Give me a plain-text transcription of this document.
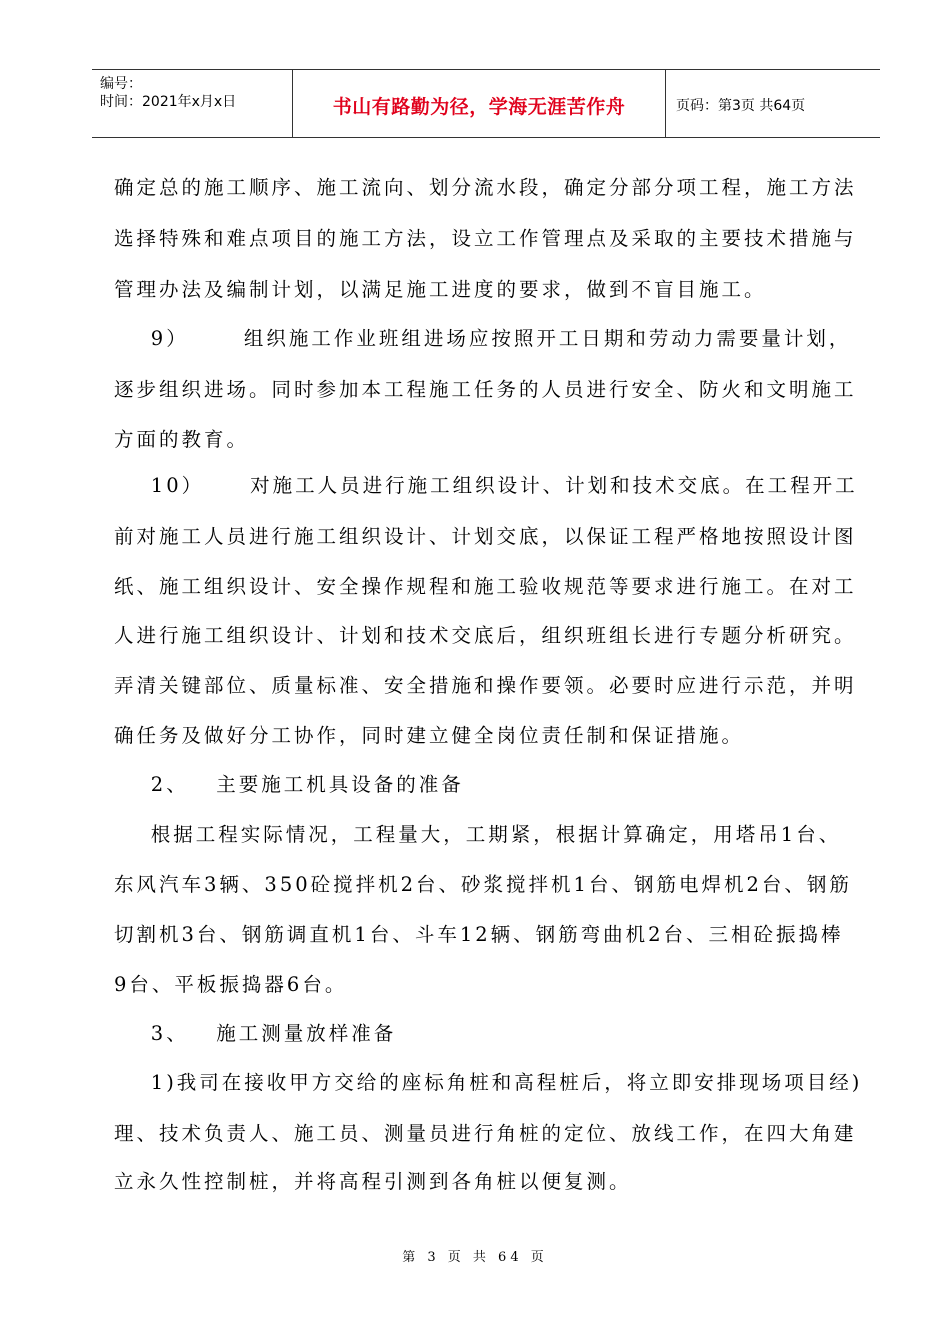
编号：
时间：2021年x月x日	书山有路勤为径，学海无涯苦作舟	页码：第3页 共64页
确定总的施工顺序、施工流向、划分流水段，确定分部分项工程，施工方法
选择特殊和难点项目的施工方法，设立工作管理点及采取的主要技术措施与
管理办法及编制计划，以满足施工进度的要求，做到不盲目施工。
9）      组织施工作业班组进场应按照开工日期和劳动力需要量计划，
逐步组织进场。同时参加本工程施工任务的人员进行安全、防火和文明施工
方面的教育。
10）     对施工人员进行施工组织设计、计划和技术交底。在工程开工
前对施工人员进行施工组织设计、计划交底，以保证工程严格地按照设计图
纸、施工组织设计、安全操作规程和施工验收规范等要求进行施工。在对工
人进行施工组织设计、计划和技术交底后，组织班组长进行专题分析研究。
弄清关键部位、质量标准、安全措施和操作要领。必要时应进行示范，并明
确任务及做好分工协作，同时建立健全岗位责任制和保证措施。
2、   主要施工机具设备的准备
根据工程实际情况，工程量大，工期紧，根据计算确定，用塔吊1台、
东风汽车3辆、350砼搅拌机2台、砂浆搅拌机1台、钢筋电焊机2台、钢筋
切割机3台、钢筋调直机1台、斗车12辆、钢筋弯曲机2台、三相砼振捣棒
9台、平板振捣器6台。
3、   施工测量放样准备
1)我司在接收甲方交给的座标角桩和高程桩后，将立即安排现场项目经)
理、技术负责人、施工员、测量员进行角桩的定位、放线工作，在四大角建
立永久性控制桩，并将高程引测到各角桩以便复测。
第 3 页 共 64 页
